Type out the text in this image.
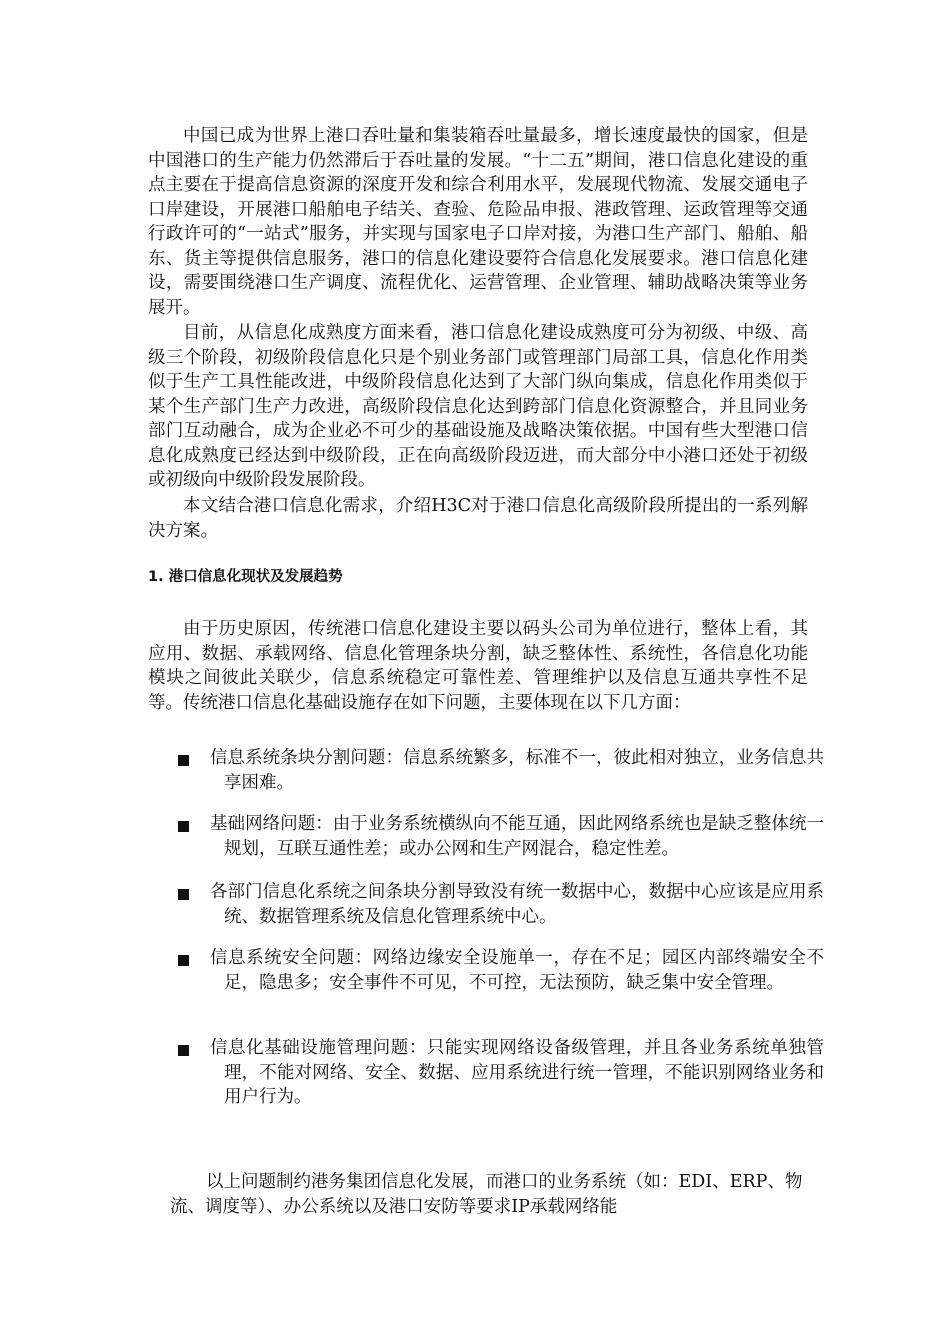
中国已成为世界上港口吞吐量和集装箱吞吐量最多，增长速度最快的国家，但是中国港口的生产能力仍然滞后于吞吐量的发展。“十二五”期间，港口信息化建设的重点主要在于提高信息资源的深度开发和综合利用水平，发展现代物流、发展交通电子口岸建设，开展港口船舶电子结关、查验、危险品申报、港政管理、运政管理等交通行政许可的“一站式”服务，并实现与国家电子口岸对接，为港口生产部门、船舶、船东、货主等提供信息服务，港口的信息化建设要符合信息化发展要求。港口信息化建设，需要围绕港口生产调度、流程优化、运营管理、企业管理、辅助战略决策等业务展开。

目前，从信息化成熟度方面来看，港口信息化建设成熟度可分为初级、中级、高级三个阶段，初级阶段信息化只是个别业务部门或管理部门局部工具，信息化作用类似于生产工具性能改进，中级阶段信息化达到了大部门纵向集成，信息化作用类似于某个生产部门生产力改进，高级阶段信息化达到跨部门信息化资源整合，并且同业务部门互动融合，成为企业必不可少的基础设施及战略决策依据。中国有些大型港口信息化成熟度已经达到中级阶段，正在向高级阶段迈进，而大部分中小港口还处于初级或初级向中级阶段发展阶段。

本文结合港口信息化需求，介绍H3C对于港口信息化高级阶段所提出的一系列解决方案。

1. 港口信息化现状及发展趋势

由于历史原因，传统港口信息化建设主要以码头公司为单位进行，整体上看，其应用、数据、承载网络、信息化管理条块分割，缺乏整体性、系统性，各信息化功能模块之间彼此关联少，信息系统稳定可靠性差、管理维护以及信息互通共享性不足等。传统港口信息化基础设施存在如下问题，主要体现在以下几方面：

信息系统条块分割问题：信息系统繁多，标准不一，彼此相对独立，业务信息共享困难。

基础网络问题：由于业务系统横纵向不能互通，因此网络系统也是缺乏整体统一规划，互联互通性差；或办公网和生产网混合，稳定性差。

各部门信息化系统之间条块分割导致没有统一数据中心，数据中心应该是应用系统、数据管理系统及信息化管理系统中心。

信息系统安全问题：网络边缘安全设施单一，存在不足；园区内部终端安全不足，隐患多；安全事件不可见，不可控，无法预防，缺乏集中安全管理。

信息化基础设施管理问题：只能实现网络设备级管理，并且各业务系统单独管理，不能对网络、安全、数据、应用系统进行统一管理，不能识别网络业务和用户行为。

以上问题制约港务集团信息化发展，而港口的业务系统（如：EDI、ERP、物流、调度等）、办公系统以及港口安防等要求IP承载网络能
